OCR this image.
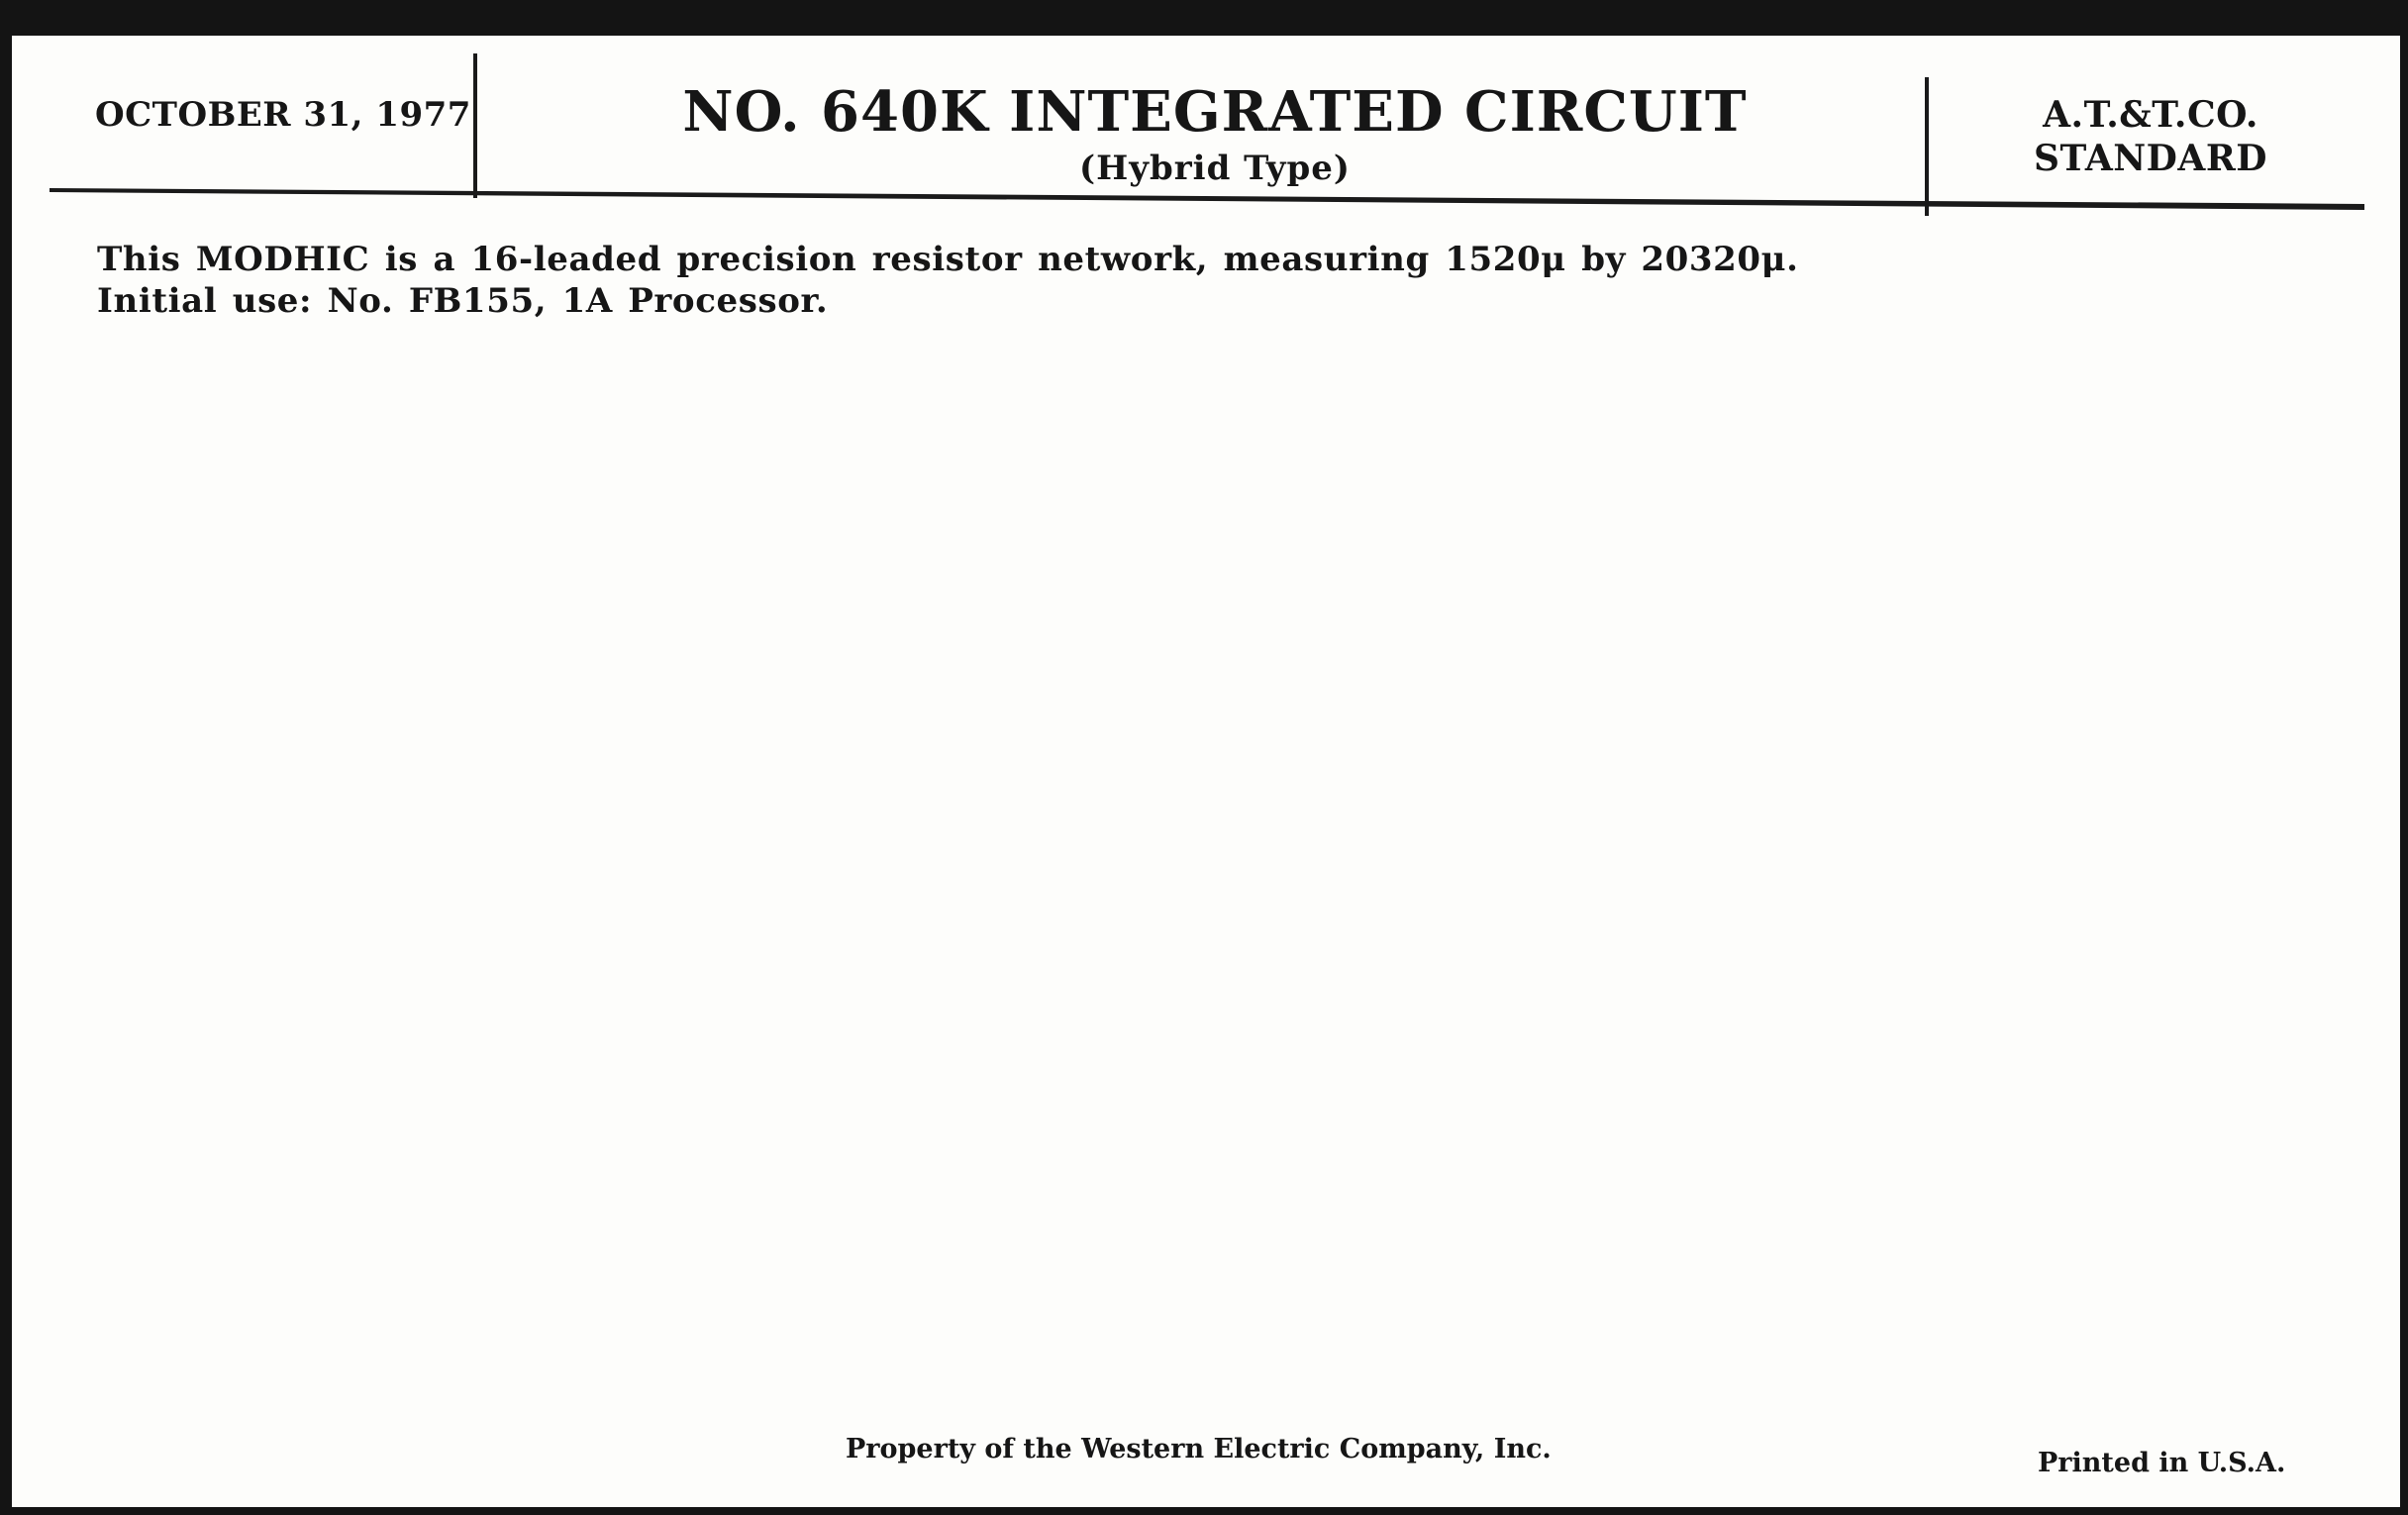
OCTOBER 31, 1977	NO. 640K INTEGRATED CIRCUIT
(Hybrid Type)
A.T.&T.CO.
STANDARD
This MODHIC is a 16-leaded precision resistor network, measuring 1520μ by 20320μ.
Initial use: No. FB155, 1A Processor.
Property of the Western Electric Company, Inc.	Printed in U.S.A.
